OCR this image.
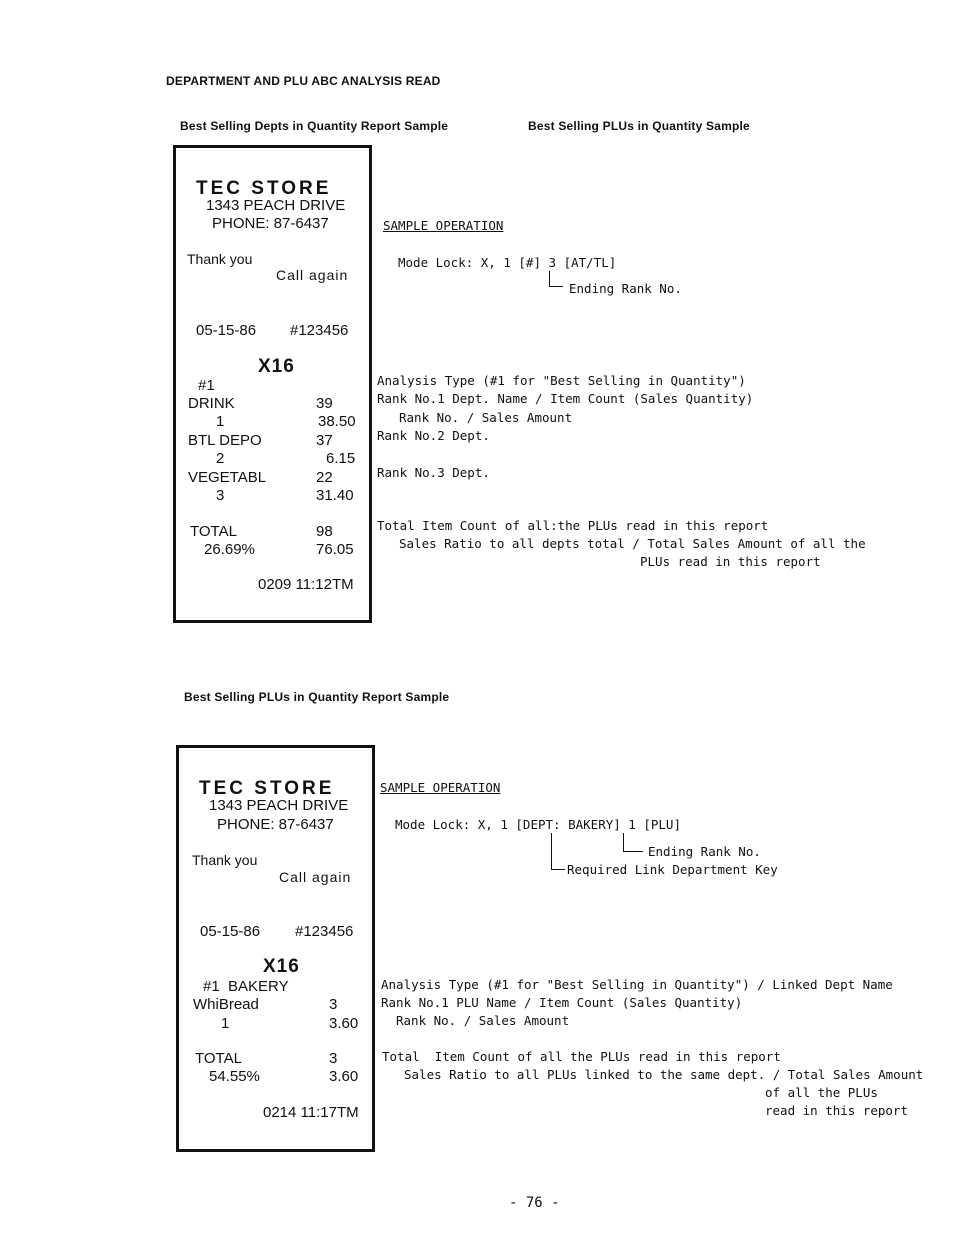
DEPARTMENT AND PLU ABC ANALYSIS READ
Best Selling Depts in Quantity Report Sample	Best Selling PLUs in Quantity Sample
TEC STORE
1343 PEACH DRIVE
PHONE: 87-6437
Thank you
Call again
05-15-86 #123456
X16
#1
DRINK	39
1	38.50
BTL DEPO	37
2	6.15
VEGETABL	22
3	31.40
TOTAL	98
26.69%	76.05
0209 11:12TM
SAMPLE OPERATION
Mode Lock: X, 1 [#] 3 [AT/TL]
Ending Rank No.
Analysis Type (#1 for "Best Selling in Quantity")
Rank No.1 Dept. Name / Item Count (Sales Quantity)
Rank No. / Sales Amount
Rank No.2 Dept.
Rank No.3 Dept.
Total Item Count of all:the PLUs read in this report
Sales Ratio to all depts total / Total Sales Amount of all the
PLUs read in this report
Best Selling PLUs in Quantity Report Sample
TEC STORE
1343 PEACH DRIVE
PHONE: 87-6437
Thank you
Call again
05-15-86 #123456
X16
#1  BAKERY
WhiBread	3
1	3.60
TOTAL	3
54.55%	3.60
0214 11:17TM
SAMPLE OPERATION
Mode Lock: X, 1 [DEPT: BAKERY] 1 [PLU]
Ending Rank No.
Required Link Department Key
Analysis Type (#1 for "Best Selling in Quantity") / Linked Dept Name
Rank No.1 PLU Name / Item Count (Sales Quantity)
Rank No. / Sales Amount
Total  Item Count of all the PLUs read in this report
Sales Ratio to all PLUs linked to the same dept. / Total Sales Amount
of all the PLUs
read in this report
- 76 -
